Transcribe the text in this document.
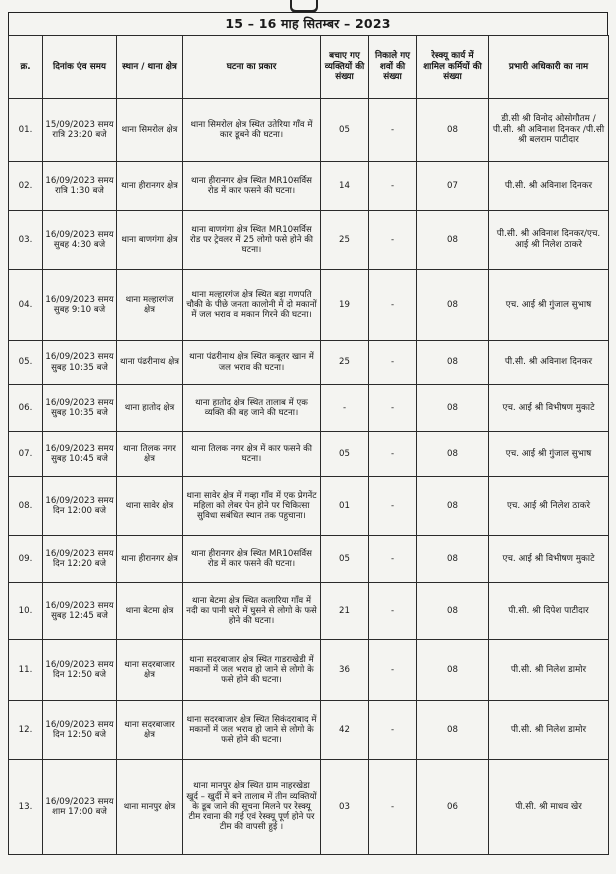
15 – 16 माह सितम्बर – 2023
क्र.	दिनांक एंव समय	स्थान / थाना क्षेत्र	घटना का प्रकार	बचाए गए व्यक्तियों की संख्या	निकाले गए शवों की संख्या	रेस्क्यू कार्य में शामिल कर्मियों की संख्या	प्रभारी अधिकारी का नाम
01.	15/09/2023 समय रात्रि 23:20 बजे	थाना सिमरोल क्षेत्र	थाना सिमरोल क्षेत्र स्थित उतेरिया गाँव में कार डूबने की घटना।	05	-	08	डी.सी श्री विनोद ओसोगौतम / पी.सी. श्री अविनाश दिनकर /पी.सी श्री बलराम पाटीदार
02.	16/09/2023 समय रात्रि 1:30 बजे	थाना हीरानगर क्षेत्र	थाना हीरानगर क्षेत्र स्थित MR10सर्विस रोड में कार फसने की घटना।	14	-	07	पी.सी. श्री अविनाश दिनकर
03.	16/09/2023 समय सुबह 4:30 बजे	थाना बाणगंगा क्षेत्र	थाना बाणगंगा क्षेत्र स्थित MR10सर्विस रोड पर ट्रेवलर में 25 लोगो फसे होने की घटना।	25	-	08	पी.सी. श्री अविनाश दिनकर/एच. आई श्री निलेश ठाकरे
04.	16/09/2023 समय सुबह 9:10 बजे	थाना मल्हारगंज क्षेत्र	थाना मल्हारगंज क्षेत्र स्थित बड़ा गणपति चौकी के पीछे जनता कालोनी में दो मकानों में जल भराव व मकान गिरने की घटना।	19	-	08	एच. आई श्री गुंजाल सुभाष
05.	16/09/2023 समय सुबह 10:35 बजे	थाना पंढरीनाथ क्षेत्र	थाना पंढरीनाथ क्षेत्र स्थित कबूतर खान में जल भराव की घटना।	25	-	08	पी.सी. श्री अविनाश दिनकर
06.	16/09/2023 समय सुबह 10:35 बजे	थाना हातोद क्षेत्र	थाना हातोद क्षेत्र स्थित तालाब में एक व्यक्ति की बह जाने की घटना।	-	-	08	एच. आई श्री विभीषण मुकाटे
07.	16/09/2023 समय सुबह 10:45 बजे	थाना तिलक नगर क्षेत्र	थाना तिलक नगर क्षेत्र में कार फसने की घटना।	05	-	08	एच. आई श्री गुंजाल सुभाष
08.	16/09/2023 समय दिन 12:00 बजे	थाना सावेर क्षेत्र	थाना सावेर क्षेत्र में गव्हा गाँव में एक प्रेगनेंट महिला को लेबर पेन होने पर चिकित्सा सुविधा सबंधित स्थान तक पहुचाना।	01	-	08	एच. आई श्री निलेश ठाकरे
09.	16/09/2023 समय दिन 12:20 बजे	थाना हीरानगर क्षेत्र	थाना हीरानगर क्षेत्र स्थित MR10सर्विस रोड में कार फसने की घटना।	05	-	08	एच. आई श्री विभीषण मुकाटे
10.	16/09/2023 समय सुबह 12:45 बजे	थाना बेटमा क्षेत्र	थाना बेटमा क्षेत्र स्थित कलारिया गाँव में नदी का पानी घरो में घुसने से लोगो के फसे होने की घटना।	21	-	08	पी.सी. श्री दिपेश पाटीदार
11.	16/09/2023 समय दिन 12:50 बजे	थाना सदरबाजार क्षेत्र	थाना सदरबाजार क्षेत्र स्थित गाडराखेडी में मकानों में जल भराव हो जाने से लोगो के फसे होने की घटना।	36	-	08	पी.सी. श्री निलेश डामोर
12.	16/09/2023 समय दिन 12:50 बजे	थाना सदरबाजार क्षेत्र	थाना सदरबाजार क्षेत्र स्थित सिकंदराबाद में मकानों में जल भराव हो जाने से लोगो के फसे होने की घटना।	42	-	08	पी.सी. श्री निलेश डामोर
13.	16/09/2023 समय शाम 17:00 बजे	थाना मानपुर क्षेत्र	थाना मानपुर क्षेत्र स्थित ग्राम नाहरखेडा खुर्द – खुर्दी में बने तालाब में तीन व्यक्तियों के डूब जाने की सूचना मिलने पर रेस्क्यू टीम रवाना की गई एवं रेस्क्यू पूर्ण होने पर टीम की वापसी हुई ।	03	-	06	पी.सी. श्री माधव खेर
